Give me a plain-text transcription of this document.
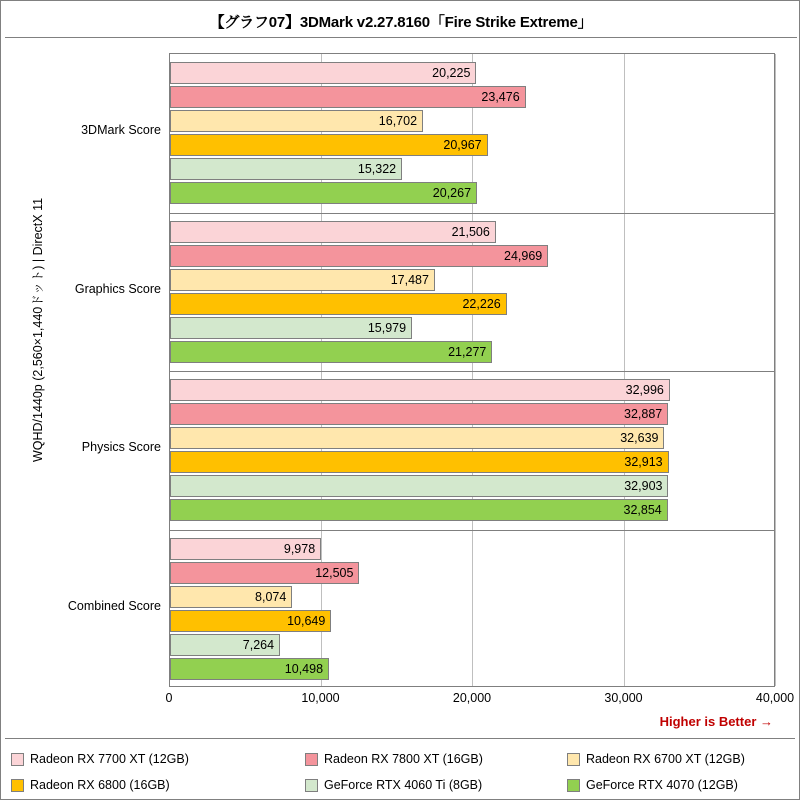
【グラフ07】3DMark v2.27.8160「Fire Strike Extreme」
WQHD/1440p (2,560×1,440ドット) | DirectX 11
20,225
23,476
16,702
20,967
15,322
20,267
21,506
24,969
17,487
22,226
15,979
21,277
32,996
32,887
32,639
32,913
32,903
32,854
9,978
12,505
8,074
10,649
7,264
10,498
Higher is Better →
Radeon RX 7700 XT (12GB)	Radeon RX 7800 XT (16GB)	Radeon RX 6700 XT (12GB)
Radeon RX 6800 (16GB)	GeForce RTX 4060 Ti (8GB)	GeForce RTX 4070 (12GB)
0	10,000	20,000	30,000	40,000
3DMark Score
Graphics Score
Physics Score
Combined Score
